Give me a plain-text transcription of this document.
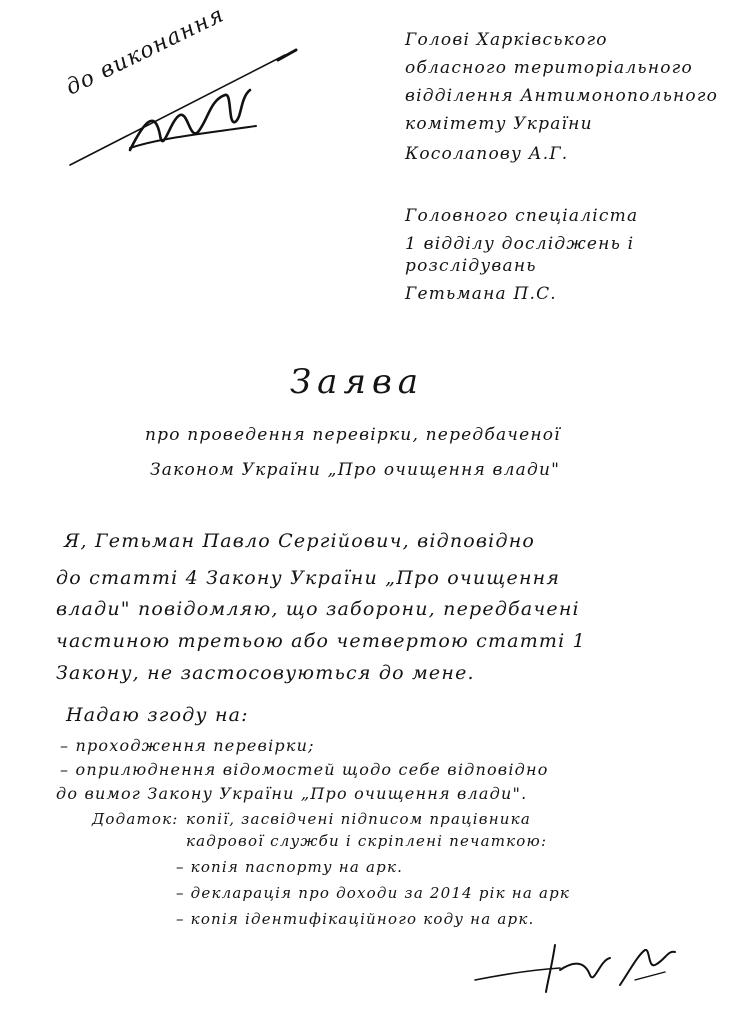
до виконання	Голові Харківського
обласного територіального
відділення Антимонопольного
комітету України
Косолапову А.Г.
Головного спеціаліста
1 відділу досліджень і
розслідувань
Гетьмана П.С.
Заява
про проведення перевірки, передбаченої
Законом України „Про очищення влади"
Я, Гетьман Павло Сергійович, відповідно
до статті 4 Закону України „Про очищення
влади" повідомляю, що заборони, передбачені
частиною третьою або четвертою статті 1
Закону, не застосовуються до мене.
Надаю згоду на:
– проходження перевірки;
– оприлюднення відомостей щодо себе відповідно
до вимог Закону України „Про очищення влади".
Додаток: копії, засвідчені підписом працівника
кадрової служби і скріплені печаткою:
– копія паспорту на арк.
– декларація про доходи за 2014 рік на арк
– копія ідентифікаційного коду на арк.
